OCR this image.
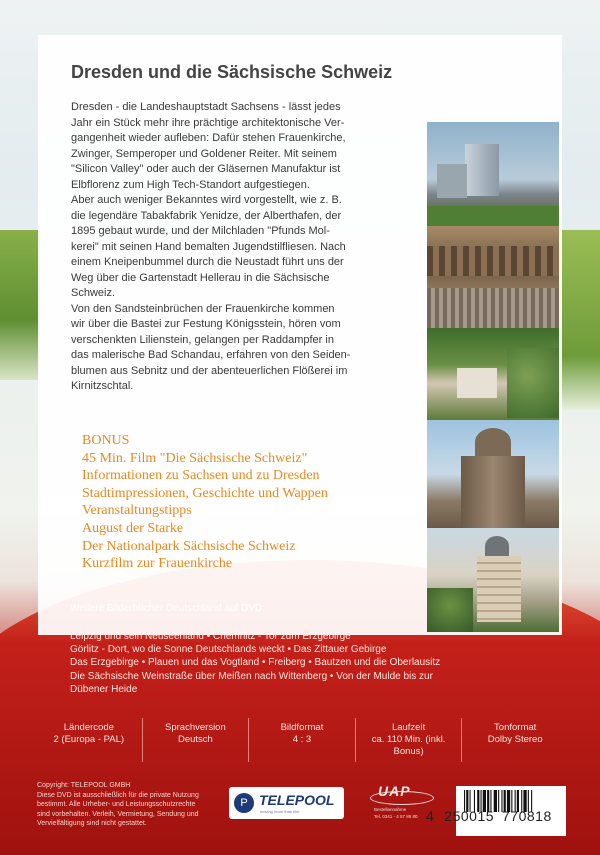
Dresden und die Sächsische Schweiz
Dresden - die Landeshauptstadt Sachsens - lässt jedes
Jahr ein Stück mehr ihre prächtige architektonische Ver-
gangenheit wieder aufleben: Dafür stehen Frauenkirche,
Zwinger, Semperoper und Goldener Reiter. Mit seinem
"Silicon Valley" oder auch der Gläsernen Manufaktur ist
Elbflorenz zum High Tech-Standort aufgestiegen.
Aber auch weniger Bekanntes wird vorgestellt, wie z. B.
die legendäre Tabakfabrik Yenidze, der Alberthafen, der
1895 gebaut wurde, und der Milchladen "Pfunds Mol-
kerei" mit seinen Hand bemalten Jugendstilfliesen. Nach
einem Kneipenbummel durch die Neustadt führt uns der
Weg über die Gartenstadt Hellerau in die Sächsische
Schweiz.
Von den Sandsteinbrüchen der Frauenkirche kommen
wir über die Bastei zur Festung Königsstein, hören vom
verschenkten Lilienstein, gelangen per Raddampfer in
das malerische Bad Schandau, erfahren von den Seiden-
blumen aus Sebnitz und der abenteuerlichen Flößerei im
Kirnitzschtal.
BONUS
45 Min. Film "Die Sächsische Schweiz"
Informationen zu Sachsen und zu Dresden
Stadtimpressionen, Geschichte und Wappen
Veranstaltungstipps
August der Starke
Der Nationalpark Sächsische Schweiz
Kurzfilm zur Frauenkirche

Weitere Bilderbücher Deutschland auf DVD:

Leipzig und sein Neuseenland • Chemnitz - Tor zum Erzgebirge
Görlitz - Dort, wo die Sonne Deutschlands weckt • Das Zittauer Gebirge
Das Erzgebirge • Plauen und das Vogtland • Freiberg • Bautzen und die Oberlausitz
Die Sächsische Weinstraße über Meißen nach Wittenberg • Von der Mulde bis zur
Dübener Heide
Ländercode
2 (Europa - PAL)
Sprachversion
Deutsch
Bildformat
4 : 3
Laufzeit
ca. 110 Min. (inkl. Bonus)
Tonformat
Dolby Stereo
Copyright: TELEPOOL GMBH
Diese DVD ist ausschließlich für die private Nutzung
bestimmt. Alle Urheber- und Leistungsschutzrechte
sind vorbehalten. Verleih, Vermietung, Sendung und
Vervielfältigung sind nicht gestattet.
P TELEPOOL
moving more than film
UAP
Bestellannahme
Tel. 0341 - 4 57 86 80 4 250015 770818
